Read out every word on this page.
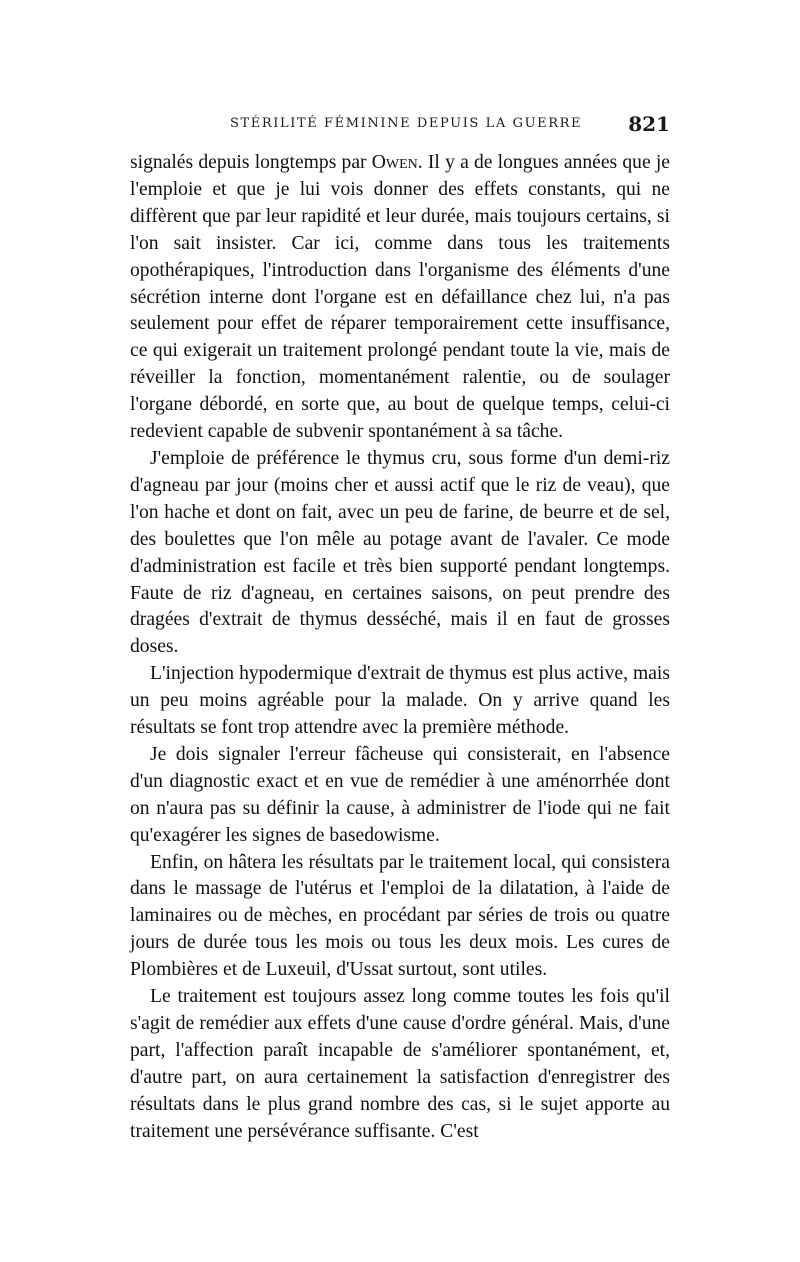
STÉRILITÉ FÉMININE DEPUIS LA GUERRE 821

signalés depuis longtemps par Owen. Il y a de longues années que je l'emploie et que je lui vois donner des effets constants, qui ne diffèrent que par leur rapidité et leur durée, mais toujours certains, si l'on sait insister. Car ici, comme dans tous les traitements opothérapiques, l'introduction dans l'organisme des éléments d'une sécrétion interne dont l'organe est en défaillance chez lui, n'a pas seulement pour effet de réparer temporairement cette insuffisance, ce qui exigerait un traitement prolongé pendant toute la vie, mais de réveiller la fonction, momentanément ralentie, ou de soulager l'organe débordé, en sorte que, au bout de quelque temps, celui-ci redevient capable de subvenir spontanément à sa tâche.

J'emploie de préférence le thymus cru, sous forme d'un demi-riz d'agneau par jour (moins cher et aussi actif que le riz de veau), que l'on hache et dont on fait, avec un peu de farine, de beurre et de sel, des boulettes que l'on mêle au potage avant de l'avaler. Ce mode d'administration est facile et très bien supporté pendant longtemps. Faute de riz d'agneau, en certaines saisons, on peut prendre des dragées d'extrait de thymus desséché, mais il en faut de grosses doses.

L'injection hypodermique d'extrait de thymus est plus active, mais un peu moins agréable pour la malade. On y arrive quand les résultats se font trop attendre avec la première méthode.

Je dois signaler l'erreur fâcheuse qui consisterait, en l'absence d'un diagnostic exact et en vue de remédier à une aménorrhée dont on n'aura pas su définir la cause, à administrer de l'iode qui ne fait qu'exagérer les signes de basedowisme.

Enfin, on hâtera les résultats par le traitement local, qui consistera dans le massage de l'utérus et l'emploi de la dilatation, à l'aide de laminaires ou de mèches, en procédant par séries de trois ou quatre jours de durée tous les mois ou tous les deux mois. Les cures de Plombières et de Luxeuil, d'Ussat surtout, sont utiles.

Le traitement est toujours assez long comme toutes les fois qu'il s'agit de remédier aux effets d'une cause d'ordre général. Mais, d'une part, l'affection paraît incapable de s'améliorer spontanément, et, d'autre part, on aura certainement la satisfaction d'enregistrer des résultats dans le plus grand nombre des cas, si le sujet apporte au traitement une persévérance suffisante. C'est
